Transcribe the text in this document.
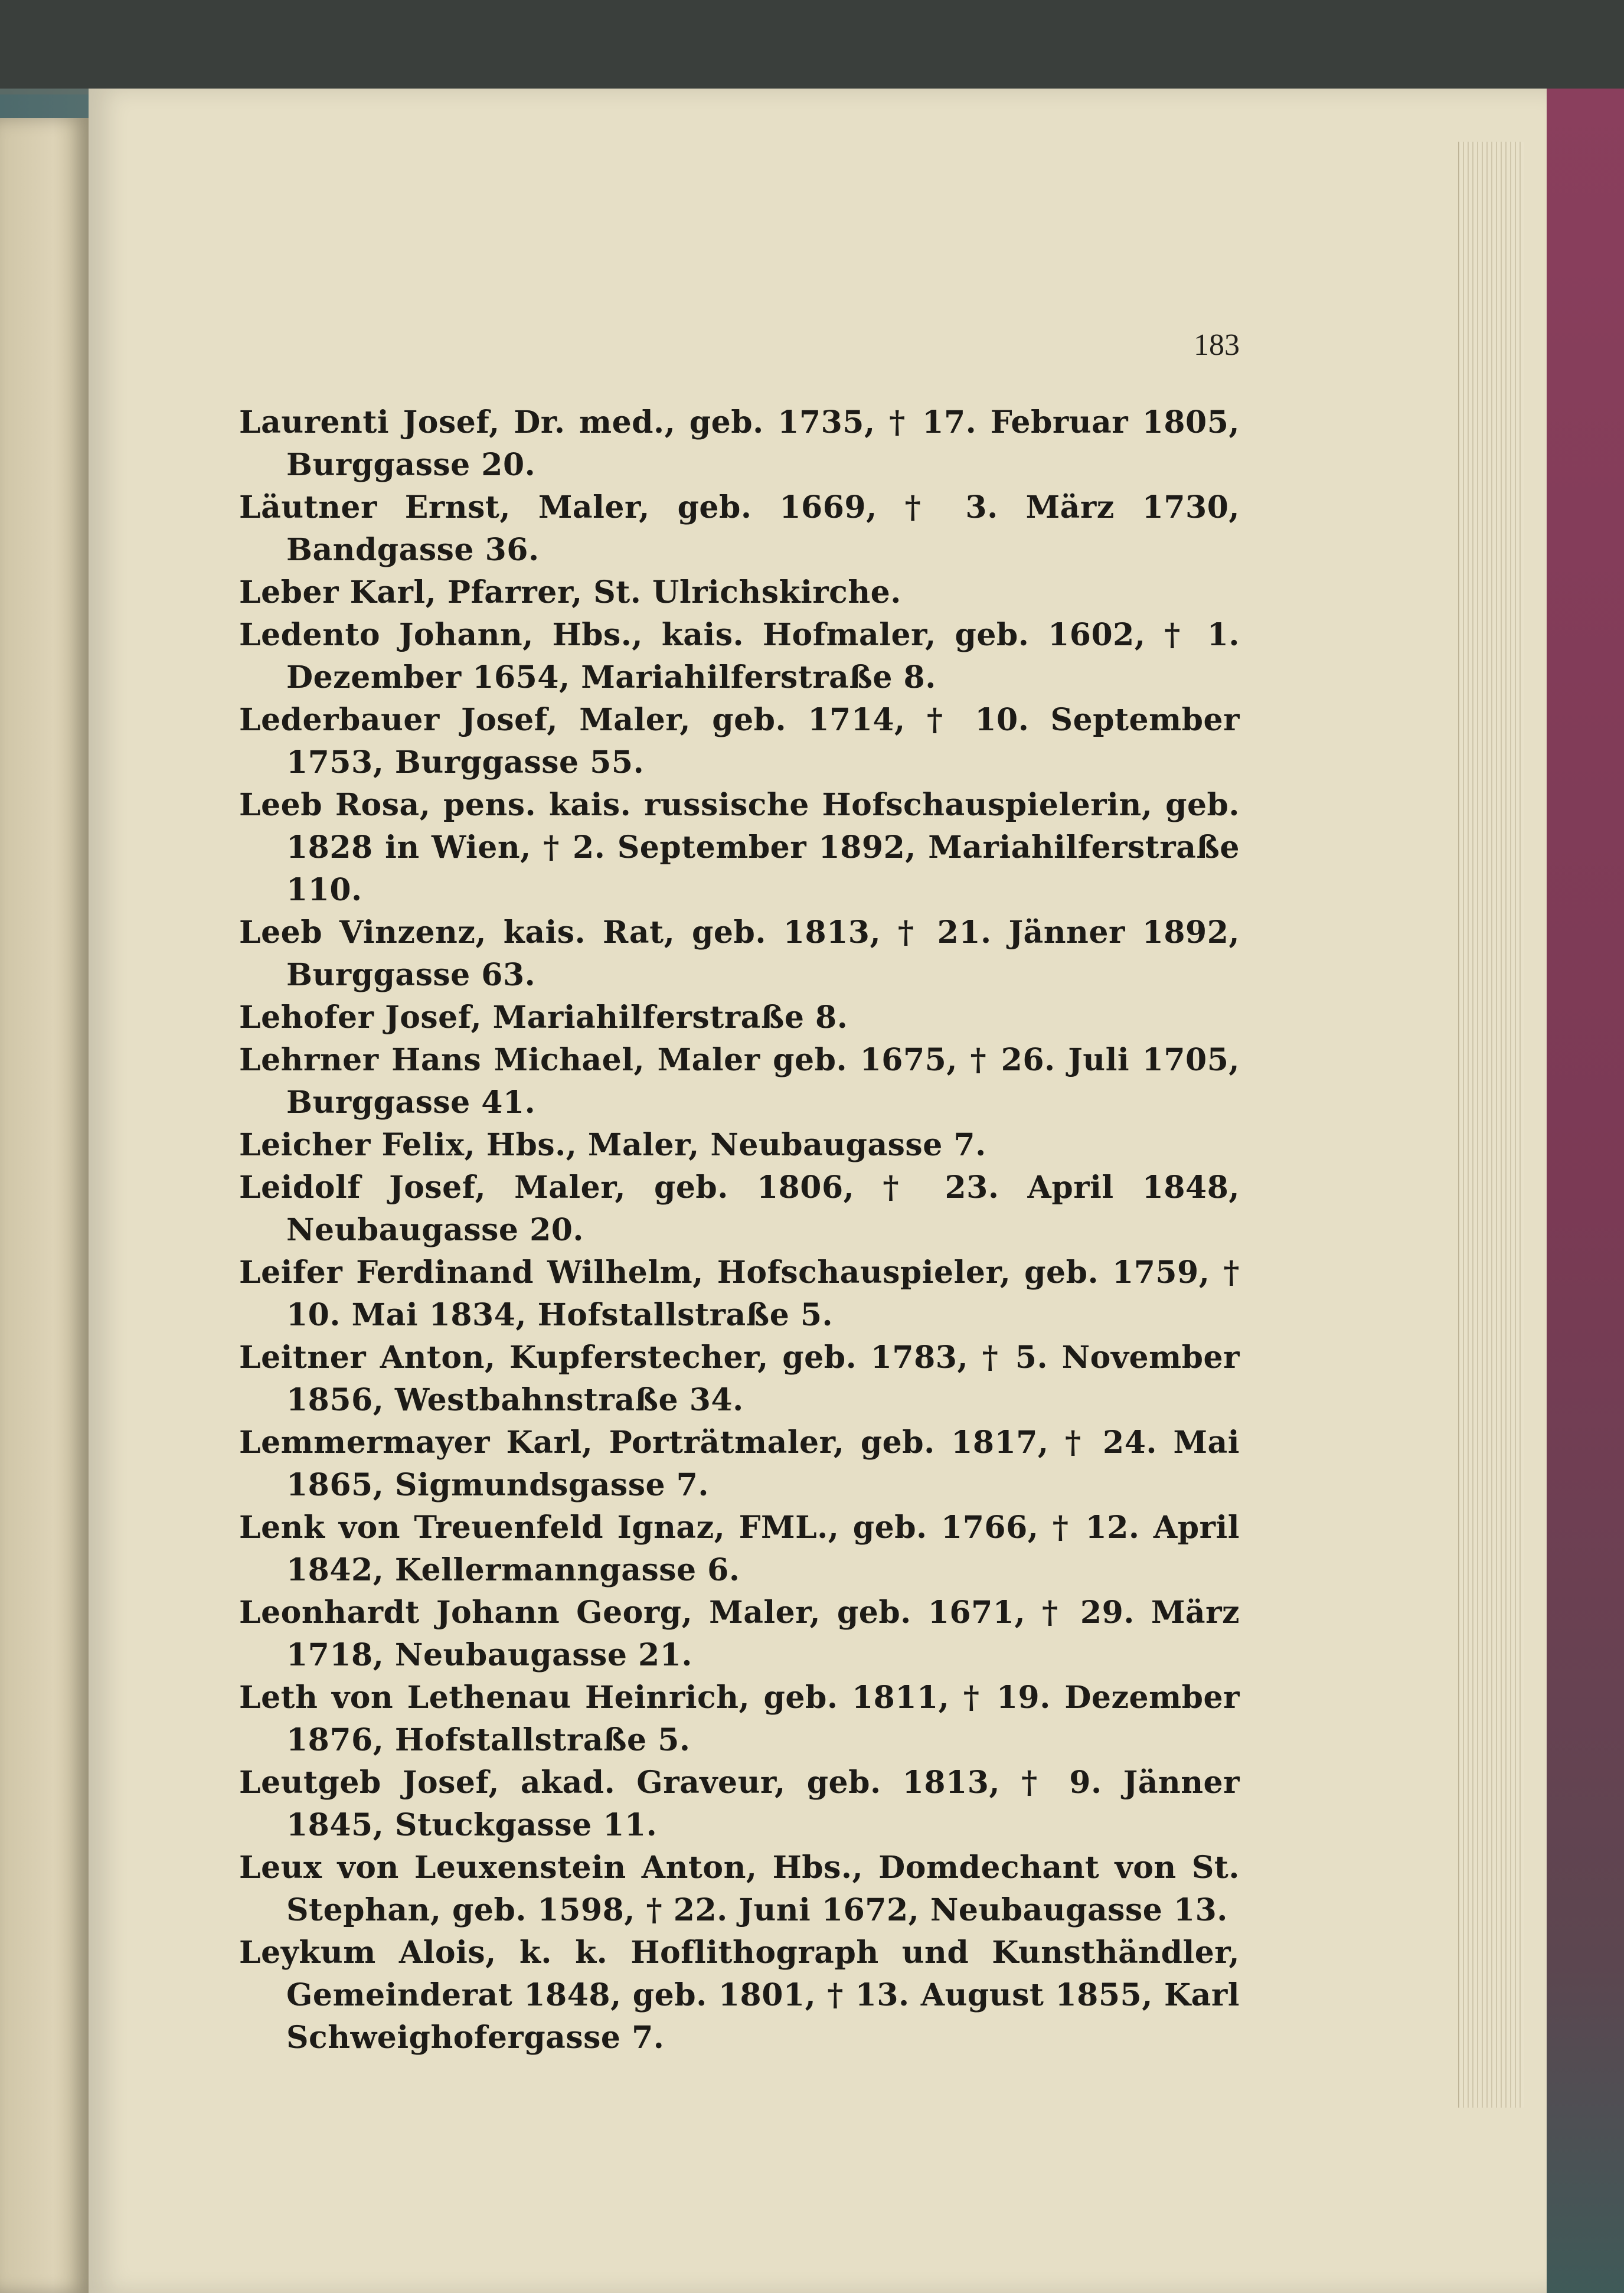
183

Laurenti Josef, Dr. med., geb. 1735, † 17. Februar 1805, Burggasse 20.

Läutner Ernst, Maler, geb. 1669, † 3. März 1730, Bandgasse 36.

Leber Karl, Pfarrer, St. Ulrichskirche.

Ledento Johann, Hbs., kais. Hofmaler, geb. 1602, † 1. Dezember 1654, Mariahilferstraße 8.

Lederbauer Josef, Maler, geb. 1714, † 10. September 1753, Burggasse 55.

Leeb Rosa, pens. kais. russische Hofschauspielerin, geb. 1828 in Wien, † 2. September 1892, Mariahilferstraße 110.

Leeb Vinzenz, kais. Rat, geb. 1813, † 21. Jänner 1892, Burggasse 63.

Lehofer Josef, Mariahilferstraße 8.

Lehrner Hans Michael, Maler geb. 1675, † 26. Juli 1705, Burggasse 41.

Leicher Felix, Hbs., Maler, Neubaugasse 7.

Leidolf Josef, Maler, geb. 1806, † 23. April 1848, Neubaugasse 20.

Leifer Ferdinand Wilhelm, Hofschauspieler, geb. 1759, † 10. Mai 1834, Hofstallstraße 5.

Leitner Anton, Kupferstecher, geb. 1783, † 5. November 1856, Westbahnstraße 34.

Lemmermayer Karl, Porträtmaler, geb. 1817, † 24. Mai 1865, Sigmundsgasse 7.

Lenk von Treuenfeld Ignaz, FML., geb. 1766, † 12. April 1842, Kellermanngasse 6.

Leonhardt Johann Georg, Maler, geb. 1671, † 29. März 1718, Neubaugasse 21.

Leth von Lethenau Heinrich, geb. 1811, † 19. Dezember 1876, Hofstallstraße 5.

Leutgeb Josef, akad. Graveur, geb. 1813, † 9. Jänner 1845, Stuckgasse 11.

Leux von Leuxenstein Anton, Hbs., Domdechant von St. Stephan, geb. 1598, † 22. Juni 1672, Neubaugasse 13.

Leykum Alois, k. k. Hoflithograph und Kunsthändler, Gemeinderat 1848, geb. 1801, † 13. August 1855, Karl Schweighofergasse 7.
